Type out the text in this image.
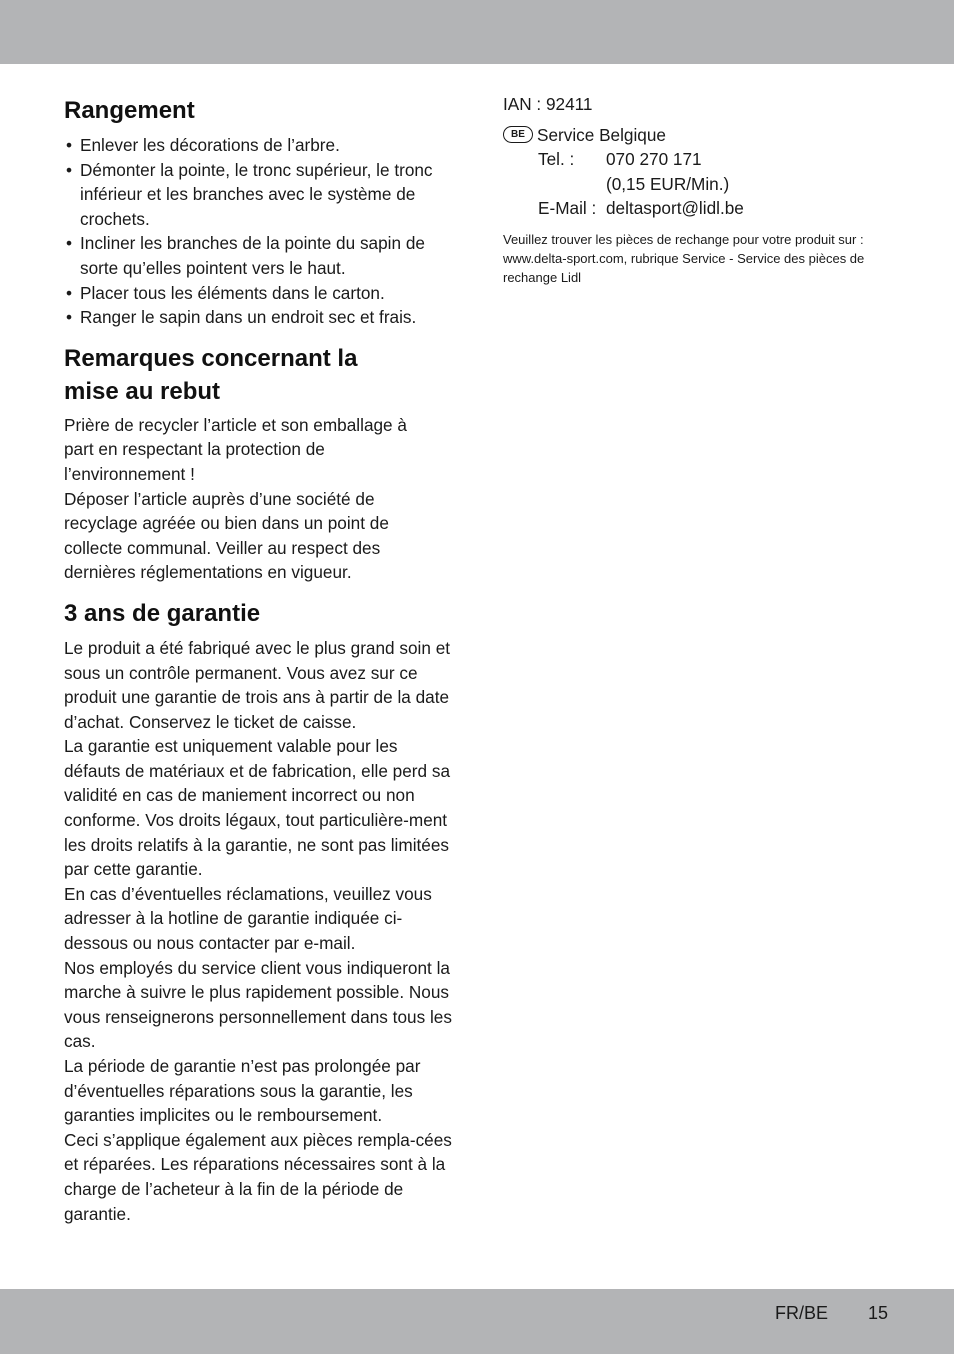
Rangement
• Enlever les décorations de l’arbre.
• Démonter la pointe, le tronc supérieur, le tronc inférieur et les branches avec le système de crochets.
• Incliner les branches de la pointe du sapin de sorte qu’elles pointent vers le haut.
• Placer tous les éléments dans le carton.
• Ranger le sapin dans un endroit sec et frais.
Remarques concernant la mise au rebut

Prière de recycler l’article et son emballage à part en respectant la protection de l’environnement !

Déposer l’article auprès d’une société de recyclage agréée ou bien dans un point de collecte communal. Veiller au respect des dernières réglementations en vigueur.

3 ans de garantie

Le produit a été fabriqué avec le plus grand soin et sous un contrôle permanent. Vous avez sur ce produit une garantie de trois ans à partir de la date d’achat. Conservez le ticket de caisse.

La garantie est uniquement valable pour les défauts de matériaux et de fabrication, elle perd sa validité en cas de maniement incorrect ou non conforme. Vos droits légaux, tout particulière-ment les droits relatifs à la garantie, ne sont pas limitées par cette garantie.

En cas d’éventuelles réclamations, veuillez vous adresser à la hotline de garantie indiquée ci-dessous ou nous contacter par e-mail.

Nos employés du service client vous indiqueront la marche à suivre le plus rapidement possible. Nous vous renseignerons personnellement dans tous les cas.

La période de garantie n’est pas prolongée par d’éventuelles réparations sous la garantie, les garanties implicites ou le remboursement.

Ceci s’applique également aux pièces rempla-cées et réparées. Les réparations nécessaires sont à la charge de l’acheteur à la fin de la période de garantie.

IAN : 92411

BE Service Belgique
Tel. :	070 270 171
(0,15 EUR/Min.)
E-Mail : deltasport@lidl.be

Veuillez trouver les pièces de rechange pour votre produit sur : www.delta-sport.com, rubrique Service - Service des pièces de rechange Lidl

FR/BE 15
